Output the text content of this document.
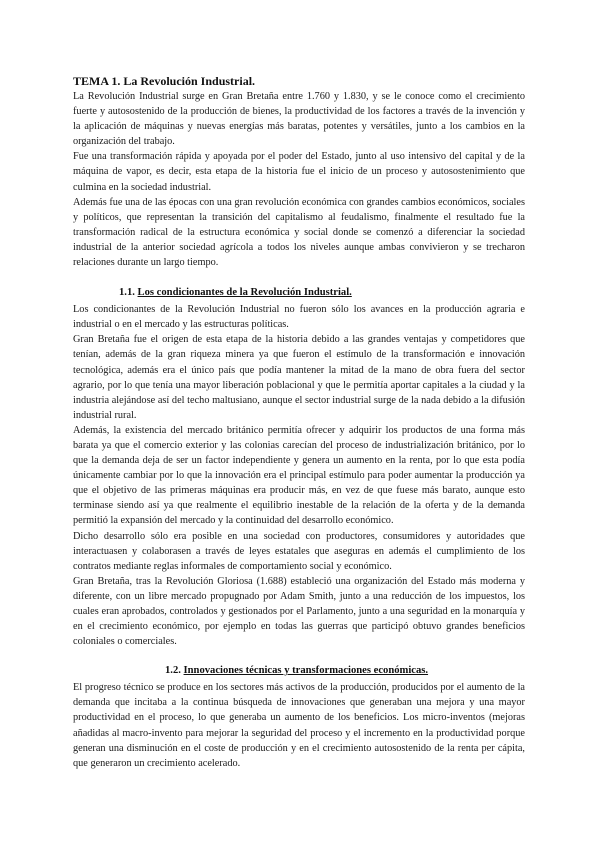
TEMA 1. La Revolución Industrial.

La Revolución Industrial surge en Gran Bretaña entre 1.760 y 1.830, y se le conoce como el crecimiento fuerte y autosostenido de la producción de bienes, la productividad de los factores a través de la invención y la aplicación de máquinas y nuevas energías más baratas, potentes y versátiles, junto a los cambios en la organización del trabajo.

Fue una transformación rápida y apoyada por el poder del Estado, junto al uso intensivo del capital y de la máquina de vapor, es decir, esta etapa de la historia fue el inicio de un proceso y autosostenimiento que culmina en la sociedad industrial.

Además fue una de las épocas con una gran revolución económica con grandes cambios económicos, sociales y políticos, que representan la transición del capitalismo al feudalismo, finalmente el resultado fue la transformación radical de la estructura económica y social donde se comenzó a diferenciar la sociedad industrial de la anterior sociedad agrícola a todos los niveles aunque ambas convivieron y se trecharon relaciones durante un largo tiempo.

1.1. Los condicionantes de la Revolución Industrial.

Los condicionantes de la Revolución Industrial no fueron sólo los avances en la producción agraria e industrial o en el mercado y las estructuras políticas.

Gran Bretaña fue el origen de esta etapa de la historia debido a las grandes ventajas y competidores que tenían, además de la gran riqueza minera ya que fueron el estímulo de la transformación e innovación tecnológica, además era el único país que podía mantener la mitad de la mano de obra fuera del sector agrario, por lo que tenía una mayor liberación poblacional y que le permitía aportar capitales a la ciudad y la industria alejándose así del techo maltusiano, aunque el sector industrial surge de la nada debido a la difusión industrial rural.

Además, la existencia del mercado británico permitía ofrecer y adquirir los productos de una forma más barata ya que el comercio exterior y las colonias carecían del proceso de industrialización británico, por lo que la demanda deja de ser un factor independiente y genera un aumento en la renta, por lo que esta podía únicamente cambiar por lo que la innovación era el principal estímulo para poder aumentar la producción ya que el objetivo de las primeras máquinas era producir más, en vez de que fuese más barato, aunque esto terminase siendo así ya que realmente el equilibrio inestable de la relación de la oferta y de la demanda permitió la expansión del mercado y la continuidad del desarrollo económico.

Dicho desarrollo sólo era posible en una sociedad con productores, consumidores y autoridades que interactuasen y colaborasen a través de leyes estatales que aseguras en además el cumplimiento de los contratos mediante reglas informales de comportamiento social y económico.

Gran Bretaña, tras la Revolución Gloriosa (1.688) estableció una organización del Estado más moderna y diferente, con un libre mercado propugnado por Adam Smith, junto a una reducción de los impuestos, los cuales eran aprobados, controlados y gestionados por el Parlamento, junto a una seguridad en la monarquía y en el crecimiento económico, por ejemplo en todas las guerras que participó obtuvo grandes beneficios coloniales o comerciales.

1.2. Innovaciones técnicas y transformaciones económicas.

El progreso técnico se produce en los sectores más activos de la producción, producidos por el aumento de la demanda que incitaba a la continua búsqueda de innovaciones que generaban una mejora y una mayor productividad en el proceso, lo que generaba un aumento de los beneficios. Los micro-inventos (mejoras añadidas al macro-invento para mejorar la seguridad del proceso y el incremento en la productividad porque generan una disminución en el coste de producción y en el crecimiento autosostenido de la renta per cápita, que generaron un crecimiento acelerado.
